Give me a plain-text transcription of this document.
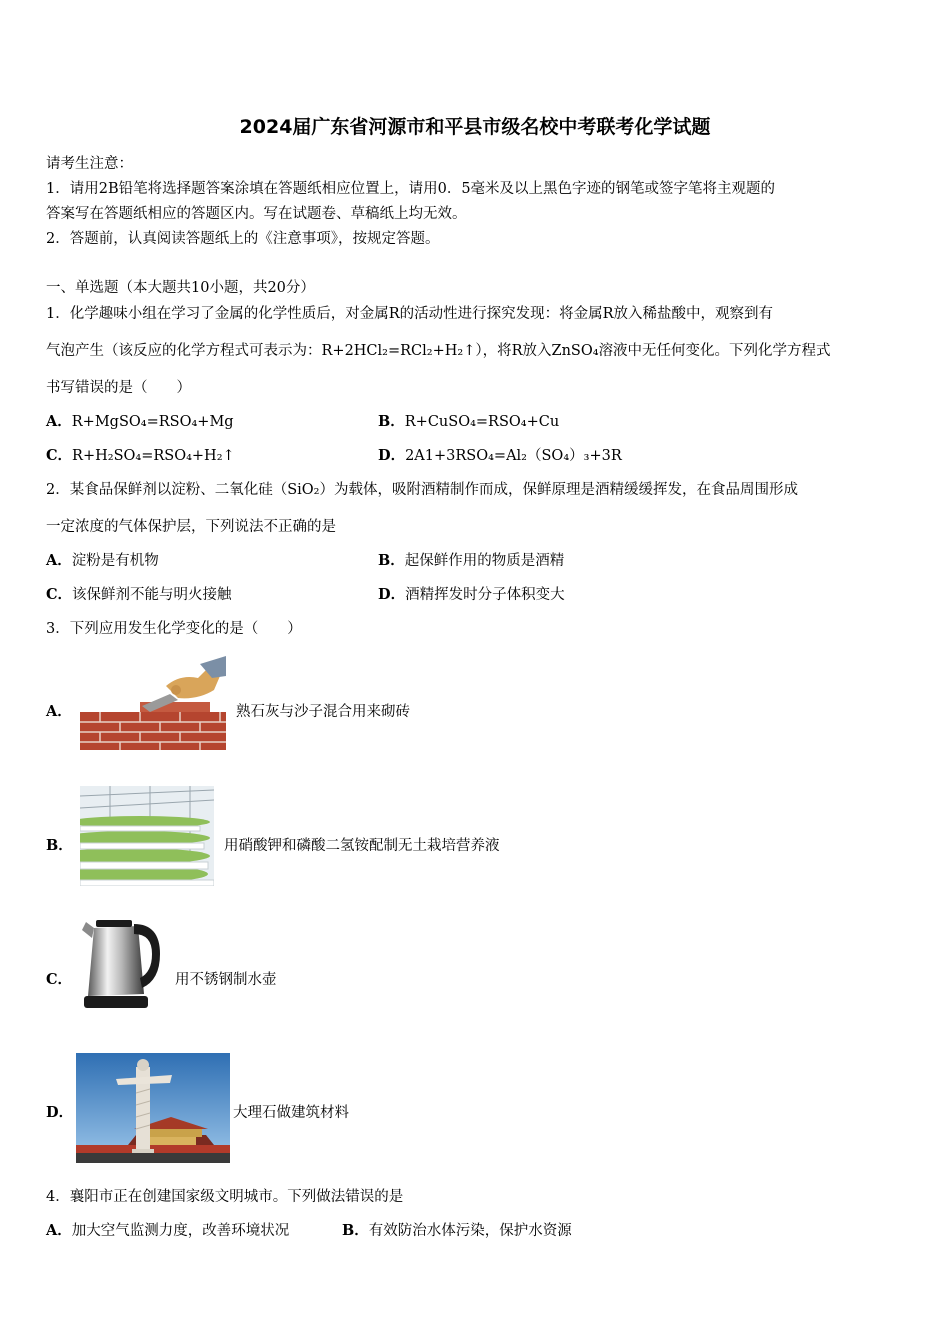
2024届广东省河源市和平县市级名校中考联考化学试题
请考生注意：
1．请用2B铅笔将选择题答案涂填在答题纸相应位置上，请用0．5毫米及以上黑色字迹的钢笔或签字笔将主观题的
答案写在答题纸相应的答题区内。写在试题卷、草稿纸上均无效。
2．答题前，认真阅读答题纸上的《注意事项》，按规定答题。
一、单选题（本大题共10小题，共20分）
1．化学趣味小组在学习了金属的化学性质后，对金属R的活动性进行探究发现：将金属R放入稀盐酸中，观察到有
气泡产生（该反应的化学方程式可表示为：R+2HCl₂=RCl₂+H₂↑），将R放入ZnSO₄溶液中无任何变化。下列化学方程式
书写错误的是（　　）
A．R+MgSO₄=RSO₄+Mg	B．R+CuSO₄=RSO₄+Cu
C．R+H₂SO₄=RSO₄+H₂↑	D．2A1+3RSO₄=Al₂（SO₄）₃+3R
2．某食品保鲜剂以淀粉、二氧化硅（SiO₂）为载体，吸附酒精制作而成，保鲜原理是酒精缓缓挥发，在食品周围形成
一定浓度的气体保护层，下列说法不正确的是
A．淀粉是有机物	B．起保鲜作用的物质是酒精
C．该保鲜剂不能与明火接触	D．酒精挥发时分子体积变大
3．下列应用发生化学变化的是（　　）
A．	熟石灰与沙子混合用来砌砖
B．	用硝酸钾和磷酸二氢铵配制无土栽培营养液
C．	用不锈钢制水壶
D．	大理石做建筑材料
4．襄阳市正在创建国家级文明城市。下列做法错误的是
A．加大空气监测力度，改善环境状况	B．有效防治水体污染，保护水资源
